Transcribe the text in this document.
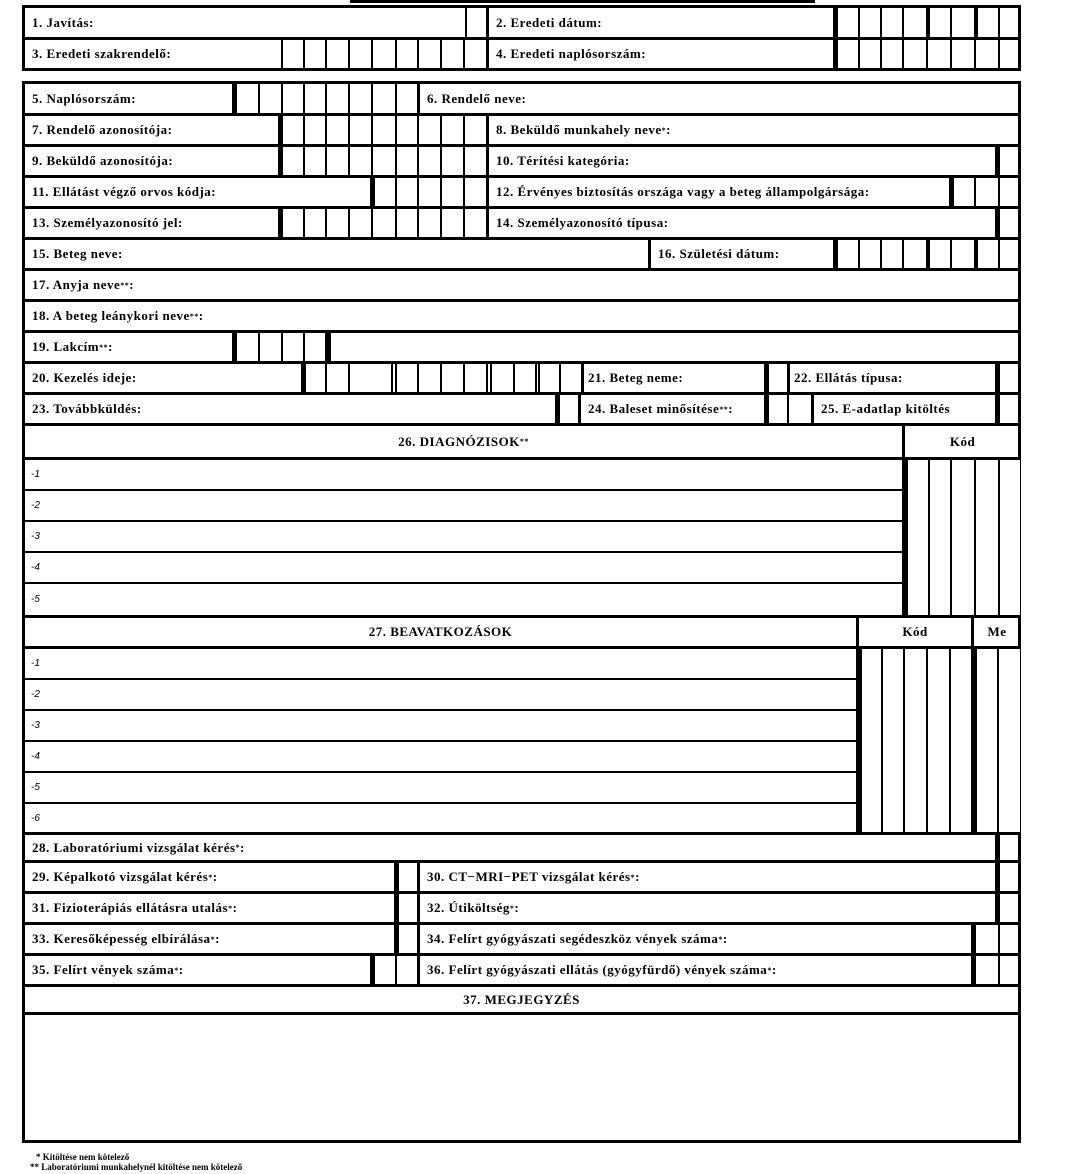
1. Javítás:	2. Eredeti dátum:
3. Eredeti szakrendelő:	4. Eredeti naplósorszám:
5. Naplósorszám:	6. Rendelő neve:
7. Rendelő azonosítója:	8. Beküldő munkahely neve * :
9. Beküldő azonosítója:	10. Térítési kategória:
11. Ellátást végző orvos kódja:	12. Érvényes biztosítás országa vagy a beteg állampolgársága:
13. Személyazonosító jel:	14. Személyazonosító típusa:
15. Beteg neve:	16. Születési dátum:
17. Anyja neve ** :
18. A beteg leánykori neve ** :
19. Lakcím ** :
20. Kezelés ideje:	21. Beteg neme:	22. Ellátás típusa:
23. Továbbküldés:	24. Baleset minősítése ** :	25. E-adatlap kitöltés
26. DIAGNÓZISOK **	Kód
-1
-2
-3
-4
-5
27. BEAVATKOZÁSOK	Kód	Me
-1
-2
-3
-4
-5
-6
28. Laboratóriumi vizsgálat kérés * :
29. Képalkotó vizsgálat kérés * :	30. CT−MRI−PET vizsgálat kérés * :
31. Fizioterápiás ellátásra utalás * :	32. Útiköltség * :
33. Keresőképesség elbírálása * :	34. Felírt gyógyászati segédeszköz vények száma * :
35. Felírt vények száma * :	36. Felírt gyógyászati ellátás (gyógyfürdő) vények száma * :
37. MEGJEGYZÉS
* Kitöltése nem kötelező
** Laboratóriumi munkahelynél kitöltése nem kötelező
